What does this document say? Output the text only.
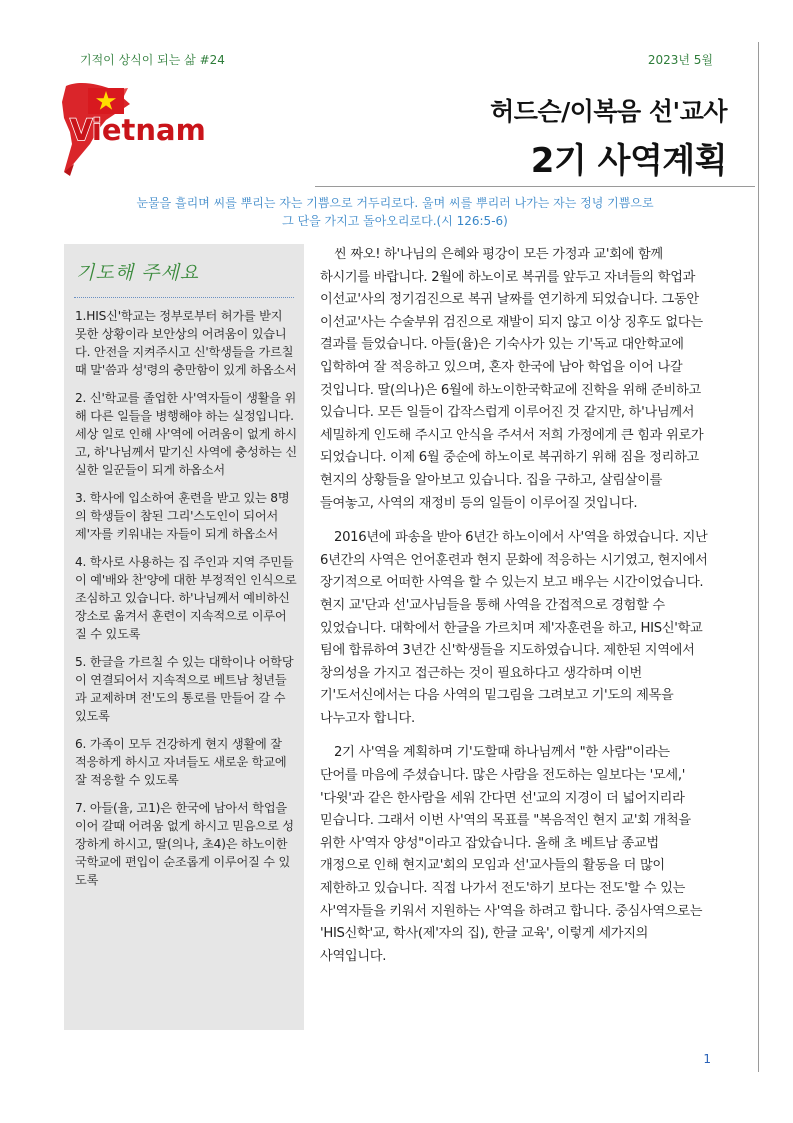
기적이 상식이 되는 삶 #24	2023년 5월
Vietnam
허드슨/이복음 선'교사
2기 사역계획
눈물을 흘리며 씨를 뿌리는 자는 기쁨으로 거두리로다. 울며 씨를 뿌리러 나가는 자는 정녕 기쁨으로 그 단을 가지고 돌아오리로다.(시 126:5-6)
기도해 주세요

1.HIS신'학교는 정부로부터 허가를 받지 못한 상황이라 보안상의 어려움이 있습니다. 안전을 지켜주시고 신'학생들을 가르칠 때 말'씀과 성'령의 충만함이 있게 하옵소서

2. 신'학교를 졸업한 사'역자들이 생활을 위해 다른 일들을 병행해야 하는 실정입니다. 세상 일로 인해 사'역에 어려움이 없게 하시고, 하'나님께서 맡기신 사역에 충성하는 신실한 일꾼들이 되게 하옵소서

3. 학사에 입소하여 훈련을 받고 있는 8명의 학생들이 참된 그리'스도인이 되어서 제'자를 키워내는 자들이 되게 하옵소서

4. 학사로 사용하는 집 주인과 지역 주민들이 예'배와 찬'양에 대한 부정적인 인식으로 조심하고 있습니다. 하'나님께서 예비하신 장소로 옮겨서 훈련이 지속적으로 이루어질 수 있도록

5. 한글을 가르칠 수 있는 대학이나 어학당이 연결되어서 지속적으로 베트남 청년들과 교제하며 전'도의 통로를 만들어 갈 수 있도록

6. 가족이 모두 건강하게 현지 생활에 잘 적응하게 하시고 자녀들도 새로운 학교에 잘 적응할 수 있도록

7. 아들(율, 고1)은 한국에 남아서 학업을 이어 갈때 어려움 없게 하시고 믿음으로 성장하게 하시고, 딸(의나, 초4)은 하노이한국학교에 편입이 순조롭게 이루어질 수 있도록

씬 짜오! 하'나님의 은혜와 평강이 모든 가정과 교'회에 함께 하시기를 바랍니다. 2월에 하노이로 복귀를 앞두고 자녀들의 학업과 이선교'사의 정기검진으로 복귀 날짜를 연기하게 되었습니다. 그동안 이선교'사는 수술부위 검진으로 재발이 되지 않고 이상 징후도 없다는 결과를 들었습니다. 아들(율)은 기숙사가 있는 기'독교 대안학교에 입학하여 잘 적응하고 있으며, 혼자 한국에 남아 학업을 이어 나갈 것입니다. 딸(의나)은 6월에 하노이한국학교에 진학을 위해 준비하고 있습니다. 모든 일들이 갑작스럽게 이루어진 것 같지만, 하'나님께서 세밀하게 인도해 주시고 안식을 주셔서 저희 가정에게 큰 힘과 위로가 되었습니다. 이제 6월 중순에 하노이로 복귀하기 위해 짐을 정리하고 현지의 상황들을 알아보고 있습니다. 집을 구하고, 살림살이를 들여놓고, 사역의 재정비 등의 일들이 이루어질 것입니다.

2016년에 파송을 받아 6년간 하노이에서 사'역을 하였습니다. 지난 6년간의 사역은 언어훈련과 현지 문화에 적응하는 시기였고, 현지에서 장기적으로 어떠한 사역을 할 수 있는지 보고 배우는 시간이었습니다. 현지 교'단과 선'교사님들을 통해 사역을 간접적으로 경험할 수 있었습니다. 대학에서 한글을 가르치며 제'자훈련을 하고, HIS신'학교 팀에 합류하여 3년간 신'학생들을 지도하였습니다. 제한된 지역에서 창의성을 가지고 접근하는 것이 필요하다고 생각하며 이번 기'도서신에서는 다음 사역의 밑그림을 그려보고 기'도의 제목을 나누고자 합니다.

2기 사'역을 계획하며 기'도할때 하나님께서 "한 사람"이라는 단어를 마음에 주셨습니다. 많은 사람을 전도하는 일보다는 '모세,' '다윗'과 같은 한사람을 세워 간다면 선'교의 지경이 더 넓어지리라 믿습니다. 그래서 이번 사'역의 목표를 "복음적인 현지 교'회 개척을 위한 사'역자 양성"이라고 잡았습니다. 올해 초 베트남 종교법 개정으로 인해 현지교'회의 모임과 선'교사들의 활동을 더 많이 제한하고 있습니다. 직접 나가서 전도'하기 보다는 전도'할 수 있는 사'역자들을 키워서 지원하는 사'역을 하려고 합니다. 중심사역으로는 'HIS신학'교, 학사(제'자의 집), 한글 교육', 이렇게 세가지의 사역입니다.

1
